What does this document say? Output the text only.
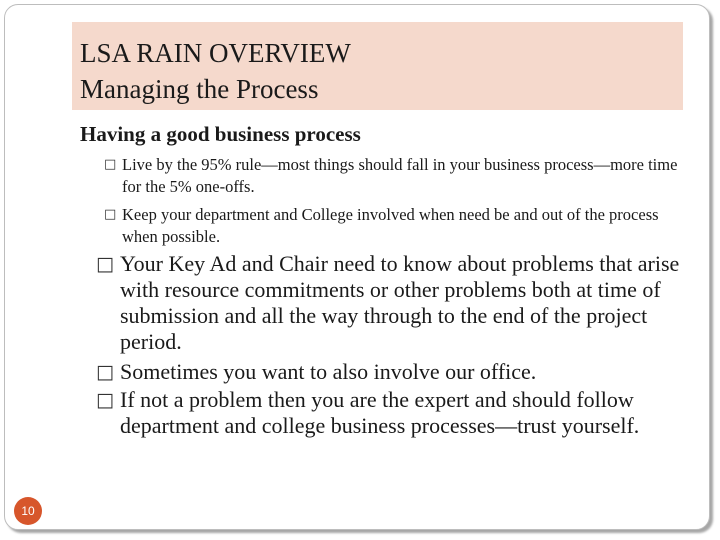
LSA RAIN OVERVIEW
Managing the Process
Having a good business process
□ Live by the 95% rule—most things should fall in your business process—more time for the 5% one-offs.
□ Keep your department and College involved when need be and out of the process when possible.
□ Your Key Ad and Chair need to know about problems that arise with resource commitments or other problems both at time of submission and all the way through to the end of the project period.
□ Sometimes you want to also involve our office.
□ If not a problem then you are the expert and should follow department and college business processes—trust yourself.
10
